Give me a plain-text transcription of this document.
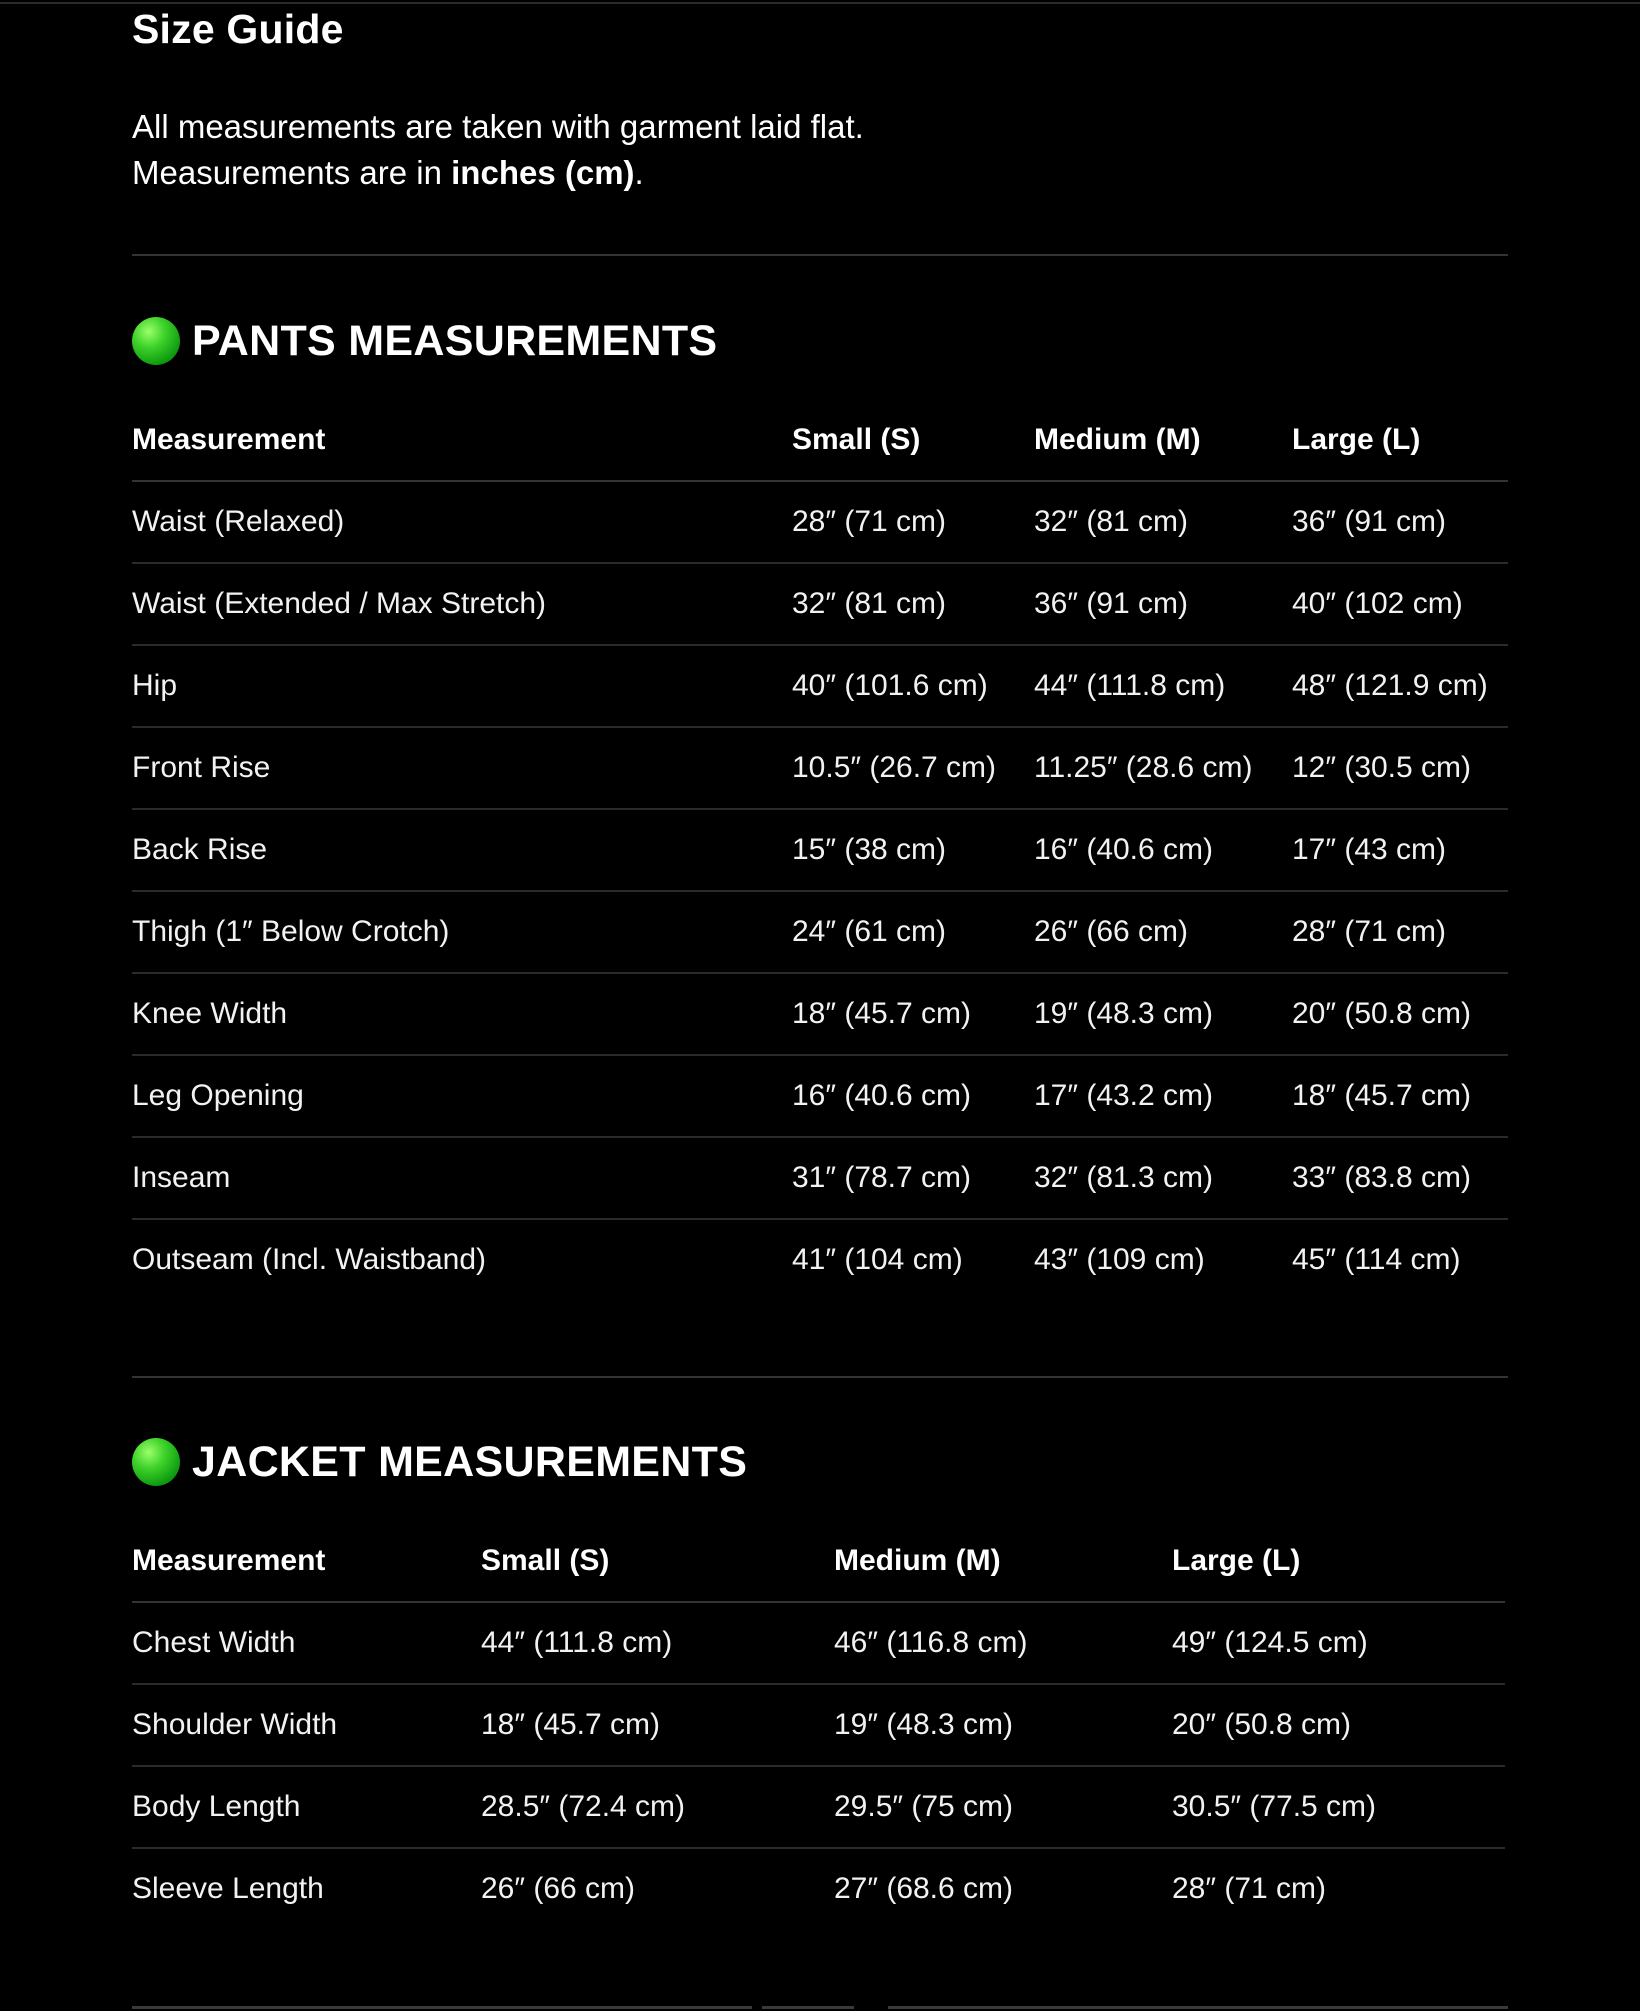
Size Guide

All measurements are taken with garment laid flat.

Measurements are in inches (cm).

PANTS MEASUREMENTS
Measurement	Small (S)	Medium (M)	Large (L)
Waist (Relaxed)	28″ (71 cm)	32″ (81 cm)	36″ (91 cm)
Waist (Extended / Max Stretch)	32″ (81 cm)	36″ (91 cm)	40″ (102 cm)
Hip	40″ (101.6 cm)	44″ (111.8 cm)	48″ (121.9 cm)
Front Rise	10.5″ (26.7 cm)	11.25″ (28.6 cm)	12″ (30.5 cm)
Back Rise	15″ (38 cm)	16″ (40.6 cm)	17″ (43 cm)
Thigh (1″ Below Crotch)	24″ (61 cm)	26″ (66 cm)	28″ (71 cm)
Knee Width	18″ (45.7 cm)	19″ (48.3 cm)	20″ (50.8 cm)
Leg Opening	16″ (40.6 cm)	17″ (43.2 cm)	18″ (45.7 cm)
Inseam	31″ (78.7 cm)	32″ (81.3 cm)	33″ (83.8 cm)
Outseam (Incl. Waistband)	41″ (104 cm)	43″ (109 cm)	45″ (114 cm)
JACKET MEASUREMENTS
Measurement	Small (S)	Medium (M)	Large (L)
Chest Width	44″ (111.8 cm)	46″ (116.8 cm)	49″ (124.5 cm)
Shoulder Width	18″ (45.7 cm)	19″ (48.3 cm)	20″ (50.8 cm)
Body Length	28.5″ (72.4 cm)	29.5″ (75 cm)	30.5″ (77.5 cm)
Sleeve Length	26″ (66 cm)	27″ (68.6 cm)	28″ (71 cm)
